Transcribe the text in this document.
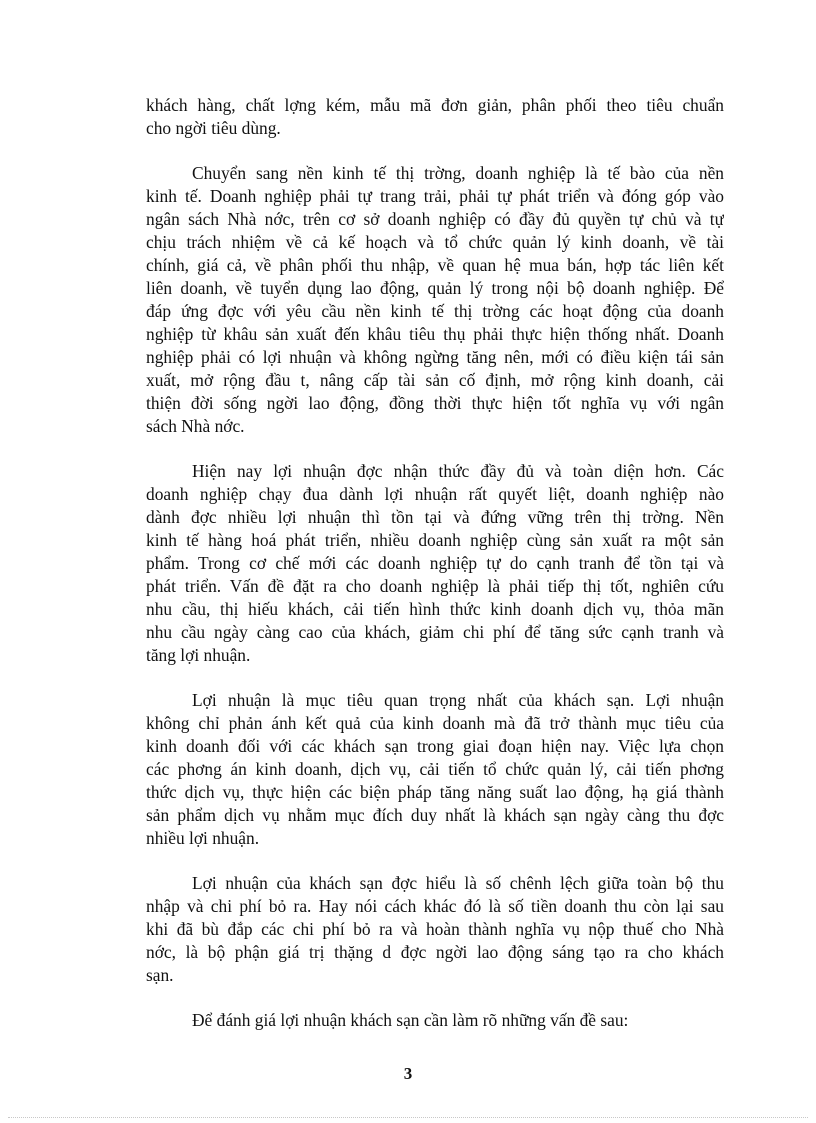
khách hàng, chất lợng kém, mẫu mã đơn giản, phân phối theo tiêu chuẩn
cho ngời tiêu dùng.
Chuyển sang nền kinh tế thị trờng, doanh nghiệp là tế bào của nền
kinh tế. Doanh nghiệp phải tự trang trải, phải tự phát triển và đóng góp vào
ngân sách Nhà nớc, trên cơ sở doanh nghiệp có đầy đủ quyền tự chủ và tự
chịu trách nhiệm về cả kế hoạch và tổ chức quản lý kinh doanh, về tài
chính, giá cả, về phân phối thu nhập, về quan hệ mua bán, hợp tác liên kết
liên doanh, về tuyển dụng lao động, quản lý trong nội bộ doanh nghiệp. Để
đáp ứng đợc với yêu cầu nền kinh tế thị trờng các hoạt động của doanh
nghiệp từ khâu sản xuất đến khâu tiêu thụ phải thực hiện thống nhất. Doanh
nghiệp phải có lợi nhuận và không ngừng tăng nên, mới có điều kiện tái sản
xuất, mở rộng đầu t, nâng cấp tài sản cố định, mở rộng kinh doanh, cải
thiện đời sống ngời lao động, đồng thời thực hiện tốt nghĩa vụ với ngân
sách Nhà nớc.
Hiện nay lợi nhuận đợc nhận thức đầy đủ và toàn diện hơn. Các
doanh nghiệp chạy đua dành lợi nhuận rất quyết liệt, doanh nghiệp nào
dành đợc nhiều lợi nhuận thì tồn tại và đứng vững trên thị trờng. Nền
kinh tế hàng hoá phát triển, nhiều doanh nghiệp cùng sản xuất ra một sản
phẩm. Trong cơ chế mới các doanh nghiệp tự do cạnh tranh để tồn tại và
phát triển. Vấn đề đặt ra cho doanh nghiệp là phải tiếp thị tốt, nghiên cứu
nhu cầu, thị hiếu khách, cải tiến hình thức kinh doanh dịch vụ, thỏa mãn
nhu cầu ngày càng cao của khách, giảm chi phí để tăng sức cạnh tranh và
tăng lợi nhuận.
Lợi nhuận là mục tiêu quan trọng nhất của khách sạn. Lợi nhuận
không chỉ phản ánh kết quả của kinh doanh mà đã trở thành mục tiêu của
kinh doanh đối với các khách sạn trong giai đoạn hiện nay. Việc lựa chọn
các phơng án kinh doanh, dịch vụ, cải tiến tổ chức quản lý, cải tiến phơng
thức dịch vụ, thực hiện các biện pháp tăng năng suất lao động, hạ giá thành
sản phẩm dịch vụ nhằm mục đích duy nhất là khách sạn ngày càng thu đợc
nhiều lợi nhuận.
Lợi nhuận của khách sạn đợc hiểu là số chênh lệch giữa toàn bộ thu
nhập và chi phí bỏ ra. Hay nói cách khác đó là số tiền doanh thu còn lại sau
khi đã bù đắp các chi phí bỏ ra và hoàn thành nghĩa vụ nộp thuế cho Nhà
nớc, là bộ phận giá trị thặng d đợc ngời lao động sáng tạo ra cho khách
sạn.
Để đánh giá lợi nhuận khách sạn cần làm rõ những vấn đề sau:
3
